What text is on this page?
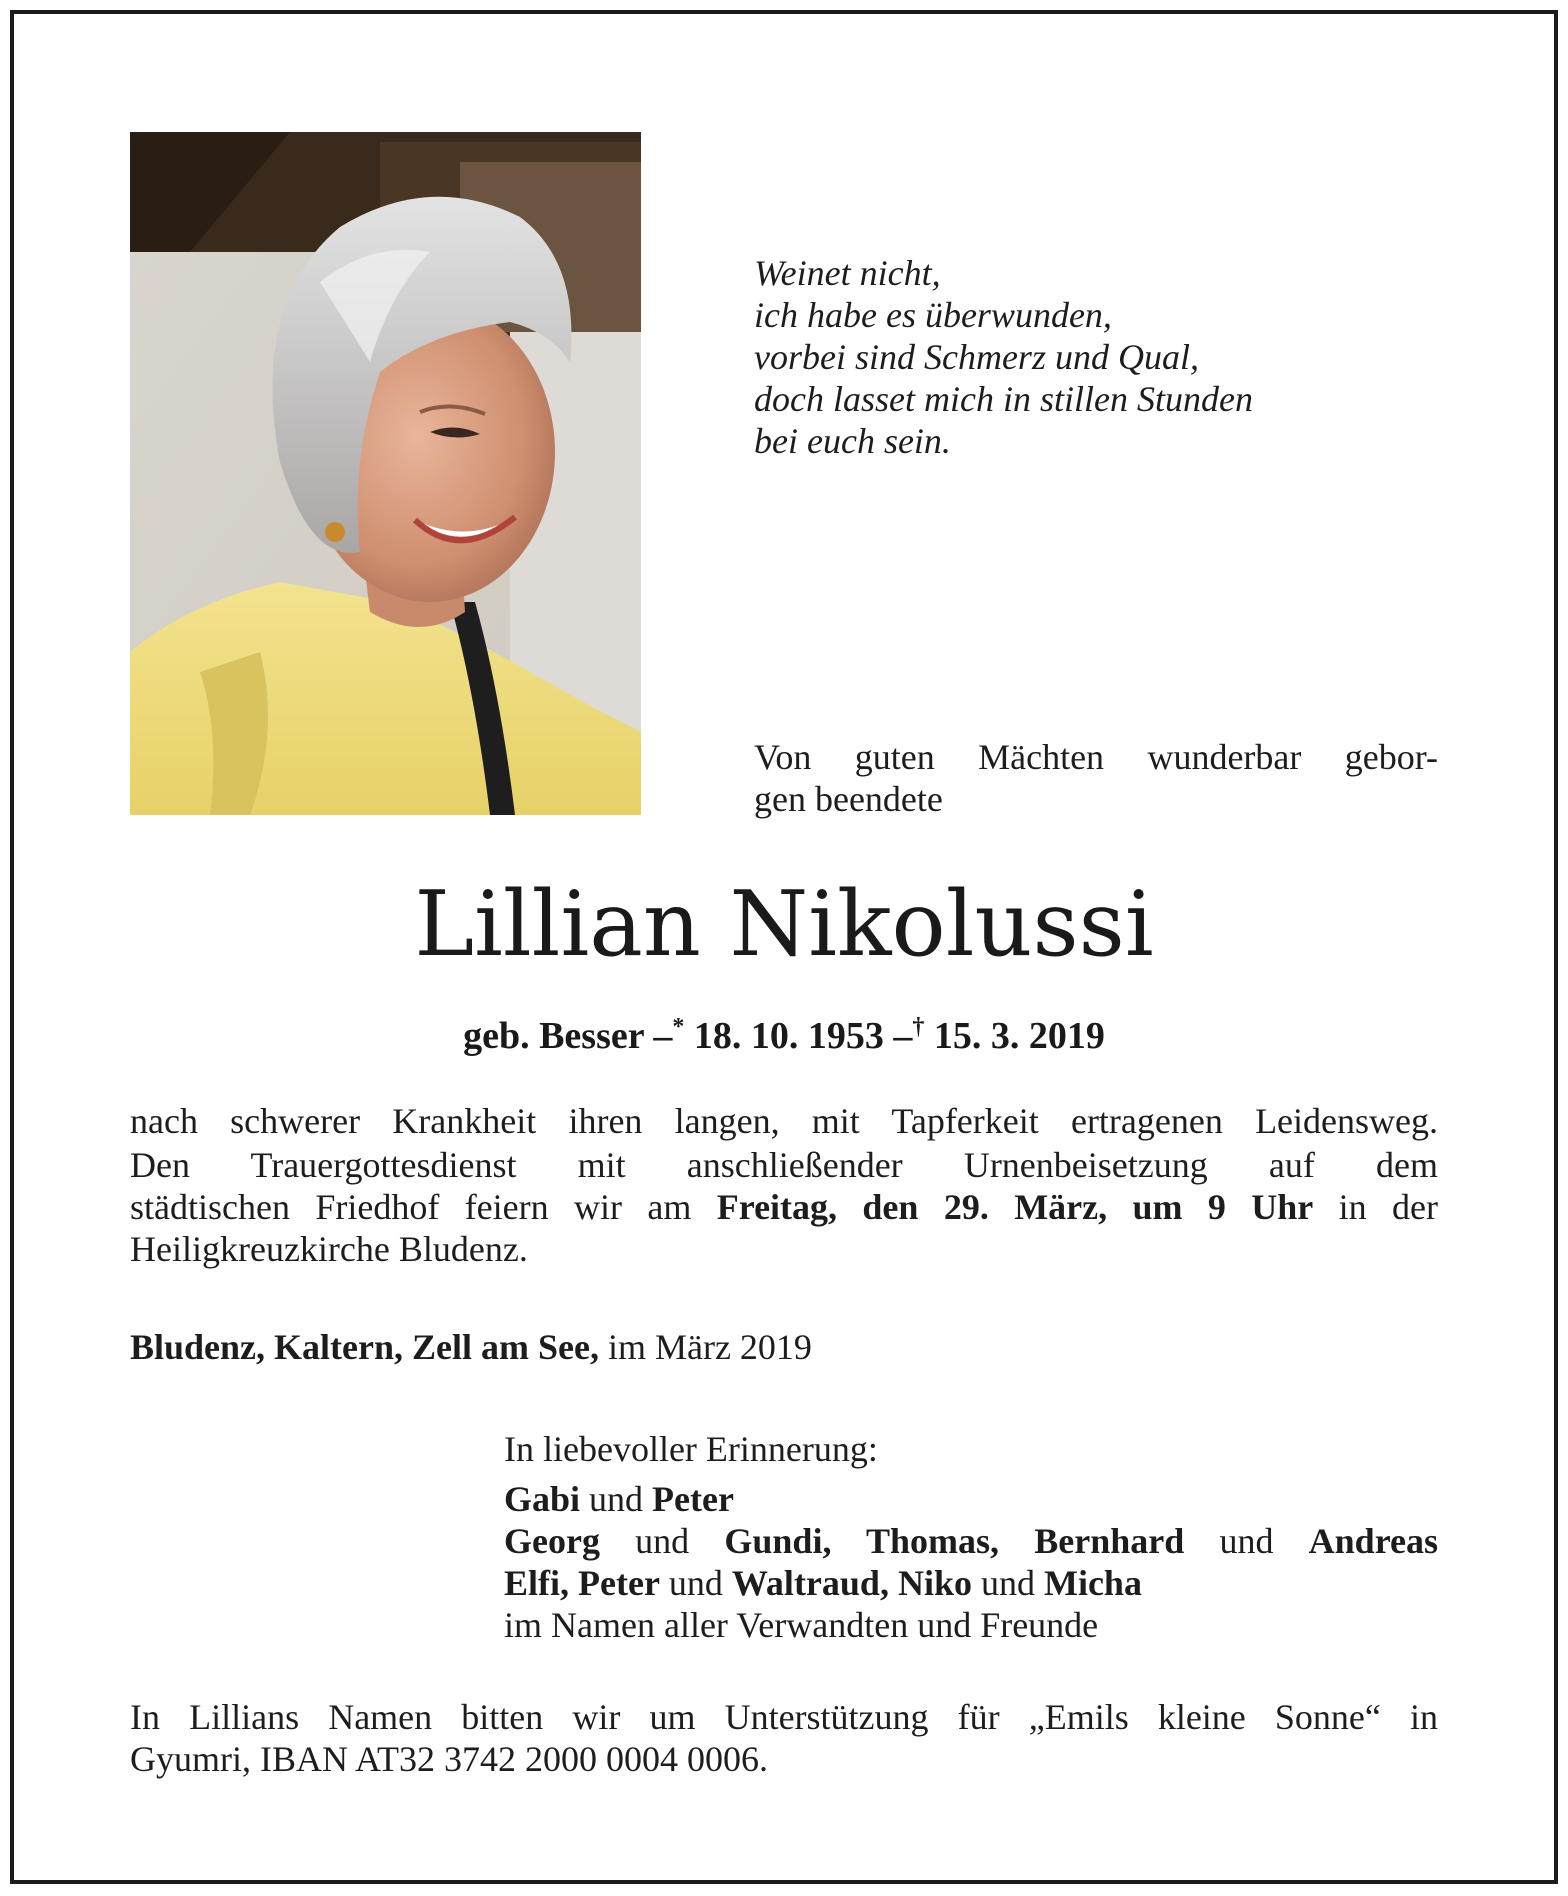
Weinet nicht,
ich habe es überwunden,
vorbei sind Schmerz und Qual,
doch lasset mich in stillen Stunden
bei euch sein.
Von guten Mächten wunderbar gebor-
gen beendete
Lillian Nikolussi
geb. Besser –* 18. 10. 1953 –† 15. 3. 2019
nach schwerer Krankheit ihren langen, mit Tapferkeit ertragenen Leidensweg.
Den Trauergottesdienst mit anschließender Urnenbeisetzung auf dem
städtischen Friedhof feiern wir am Freitag, den 29. März, um 9 Uhr in der
Heiligkreuzkirche Bludenz.
Bludenz, Kaltern, Zell am See, im März 2019
In liebevoller Erinnerung:
Gabi und Peter
Georg und Gundi, Thomas, Bernhard und Andreas
Elfi, Peter und Waltraud, Niko und Micha
im Namen aller Verwandten und Freunde
In Lillians Namen bitten wir um Unterstützung für „Emils kleine Sonne“ in
Gyumri, IBAN AT32 3742 2000 0004 0006.
